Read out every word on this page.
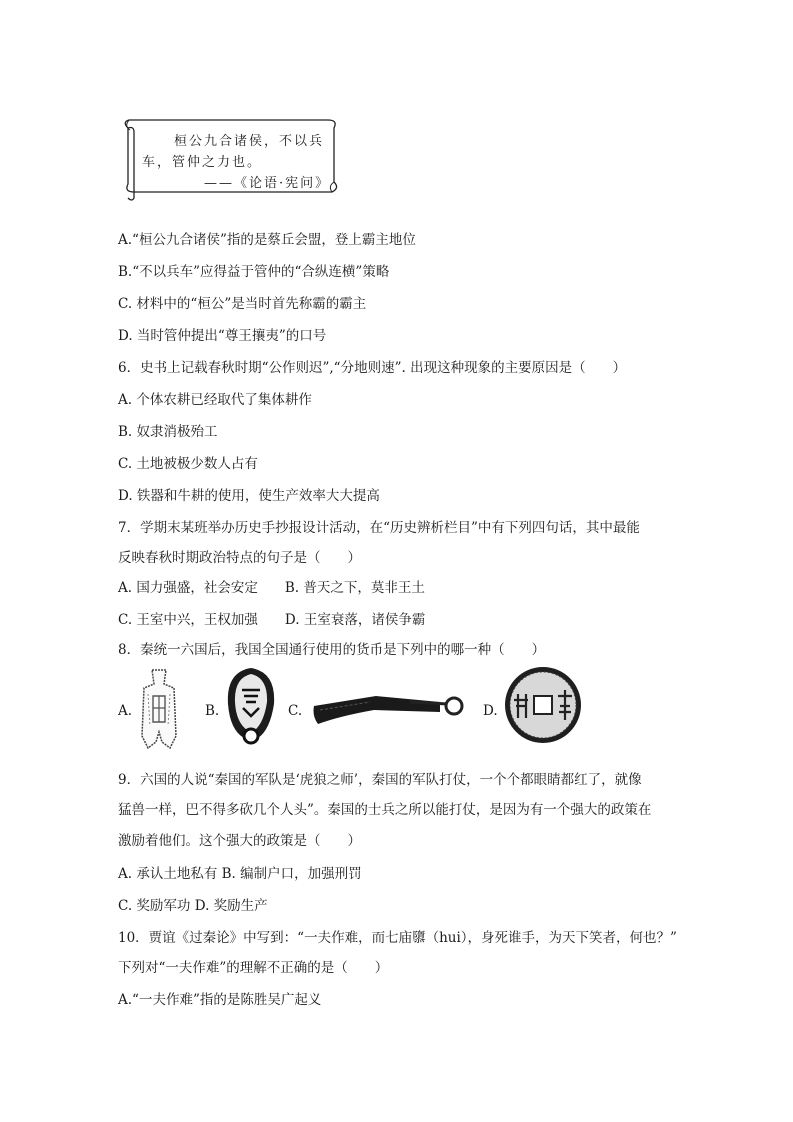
桓公九合诸侯，不以兵
车，管仲之力也。
——《论语·宪问》
A.“桓公九合诸侯”指的是蔡丘会盟，登上霸主地位
B.“不以兵车”应得益于管仲的“合纵连横”策略
C. 材料中的“桓公”是当时首先称霸的霸主
D. 当时管仲提出“尊王攘夷”的口号
6．史书上记载春秋时期“公作则迟”,“分地则速”. 出现这种现象的主要原因是（　　）
A. 个体农耕已经取代了集体耕作
B. 奴隶消极殆工
C. 土地被极少数人占有
D. 铁器和牛耕的使用，使生产效率大大提高
7．学期末某班举办历史手抄报设计活动，在“历史辨析栏目”中有下列四句话，其中最能
反映春秋时期政治特点的句子是（　　）
A. 国力强盛，社会安定　　B. 普天之下，莫非王土
C. 王室中兴，王权加强　　D. 王室衰落，诸侯争霸
8．秦统一六国后，我国全国通行使用的货币是下列中的哪一种（　　）
A.	B.	C.	D.
9．六国的人说“秦国的军队是‘虎狼之师’，秦国的军队打仗，一个个都眼睛都红了，就像
猛兽一样，巴不得多砍几个人头”。秦国的士兵之所以能打仗，是因为有一个强大的政策在
激励着他们。这个强大的政策是（　　）
A. 承认土地私有 B. 编制户口，加强刑罚
C. 奖励军功 D. 奖励生产
10．贾谊《过秦论》中写到：“一夫作难，而七庙隳（hui），身死谁手，为天下笑者，何也？”
下列对“一夫作难”的理解不正确的是（　　）
A.“一夫作难”指的是陈胜吴广起义
